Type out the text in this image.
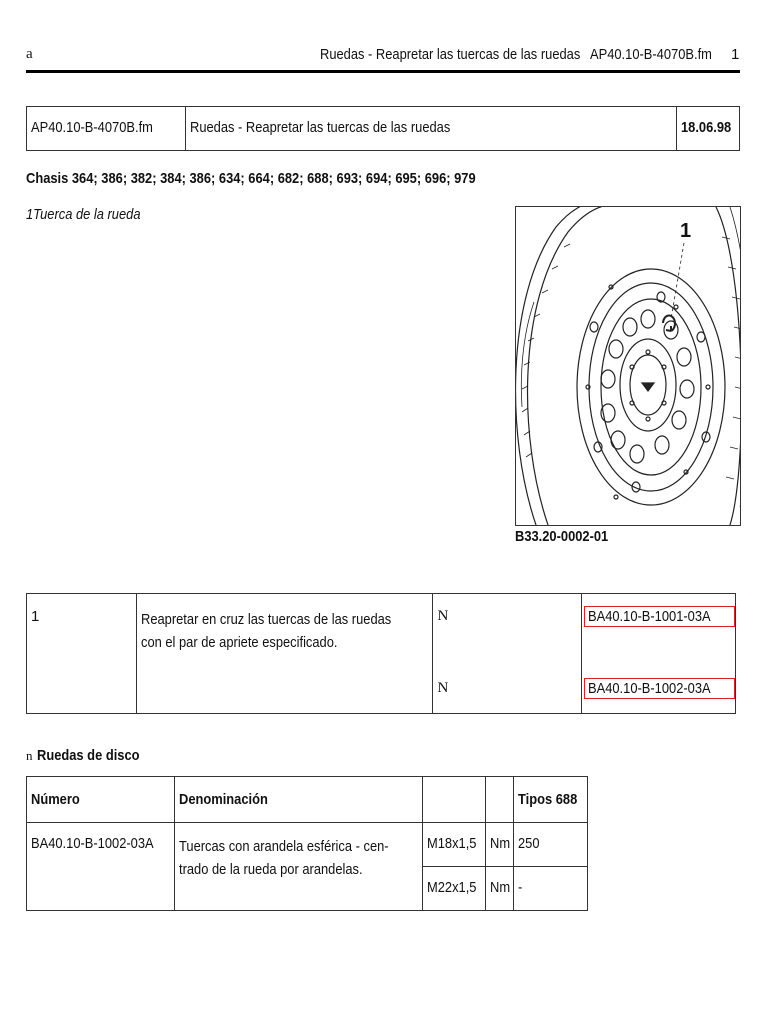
a	Ruedas - Reapretar las tuercas de las ruedas AP40.10-B-4070B.fm	1
AP40.10-B-4070B.fm	Ruedas - Reapretar las tuercas de las ruedas	18.06.98
Chasis 364; 386; 382; 384; 386; 634; 664; 682; 688; 693; 694; 695; 696; 979
1Tuerca de la rueda
1
B33.20-0002-01
1	Reapretar en cruz las tuercas de las ruedas
con el par de apriete especificado.	N	BA40.10-B-1001-03A
		N	BA40.10-B-1002-03A
n Ruedas de disco
Número	Denominación			Tipos 688
BA40.10-B-1002-03A	Tuercas con arandela esférica - cen-
trado de la rueda por arandelas.	M18x1,5	Nm	250
		M22x1,5	Nm	-
